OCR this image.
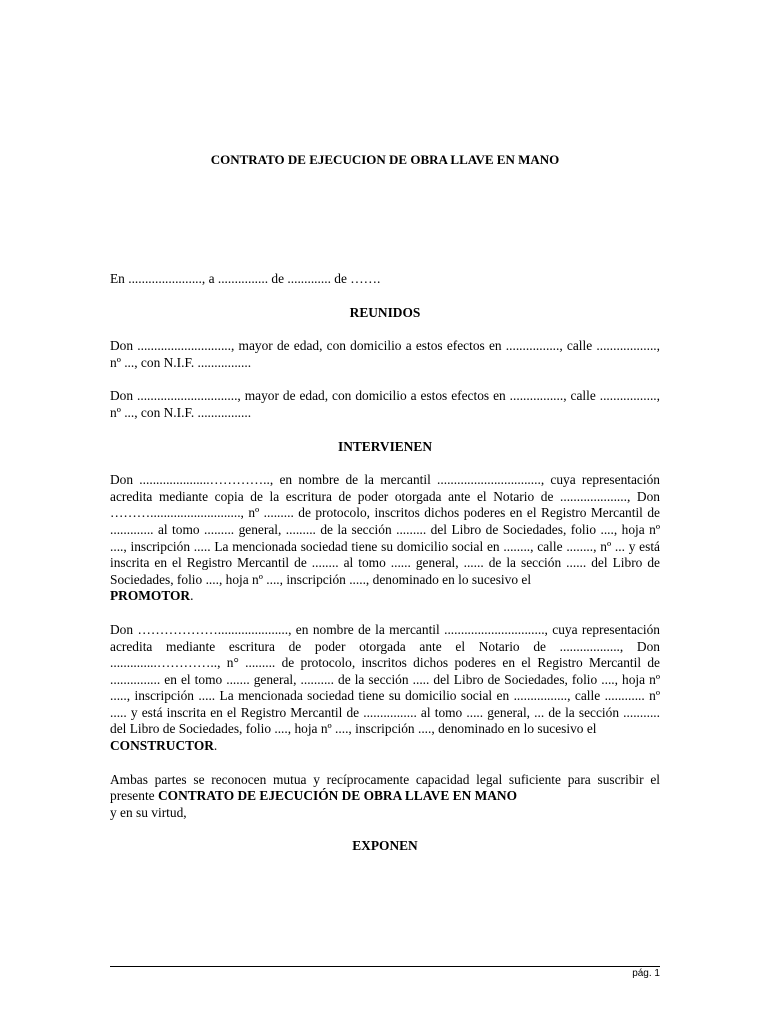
CONTRATO DE EJECUCION DE OBRA LLAVE EN MANO

En ......................, a ............... de ............. de …….

REUNIDOS

Don ............................, mayor de edad, con domicilio a estos efectos en ................, calle .................., nº ..., con N.I.F. ................

Don .............................., mayor de edad, con domicilio a estos efectos en ................, calle ................., nº ..., con N.I.F. ................

INTERVIENEN

Don .....................………….., en nombre de la mercantil ..............................., cuya representación acredita mediante copia de la escritura de poder otorgada ante el Notario de ...................., Don ………..........................., nº ......... de protocolo, inscritos dichos poderes en el Registro Mercantil de ............. al tomo ......... general, ......... de la sección ......... del Libro de Sociedades, folio ...., hoja nº ...., inscripción ..... La mencionada sociedad tiene su domicilio social en ........, calle ........, nº ... y está inscrita en el Registro Mercantil de ........ al tomo ...... general, ...... de la sección ...... del Libro de Sociedades, folio ...., hoja nº ...., inscripción ....., denominado en lo sucesivo el
PROMOTOR.

Don ………………....................., en nombre de la mercantil .............................., cuya representación acredita mediante escritura de poder otorgada ante el Notario de .................., Don ..............………….., n° ......... de protocolo, inscritos dichos poderes en el Registro Mercantil de ............... en el tomo ....... general, .......... de la sección ..... del Libro de Sociedades, folio ...., hoja nº ....., inscripción ..... La mencionada sociedad tiene su domicilio social en ................, calle ............ nº ..... y está inscrita en el Registro Mercantil de ................ al tomo ..... general, ... de la sección ........... del Libro de Sociedades, folio ...., hoja nº ...., inscripción ...., denominado en lo sucesivo el
CONSTRUCTOR.

Ambas partes se reconocen mutua y recíprocamente capacidad legal suficiente para suscribir el presente CONTRATO DE EJECUCIÓN DE OBRA LLAVE EN MANO
y en su virtud,

EXPONEN

pág. 1
